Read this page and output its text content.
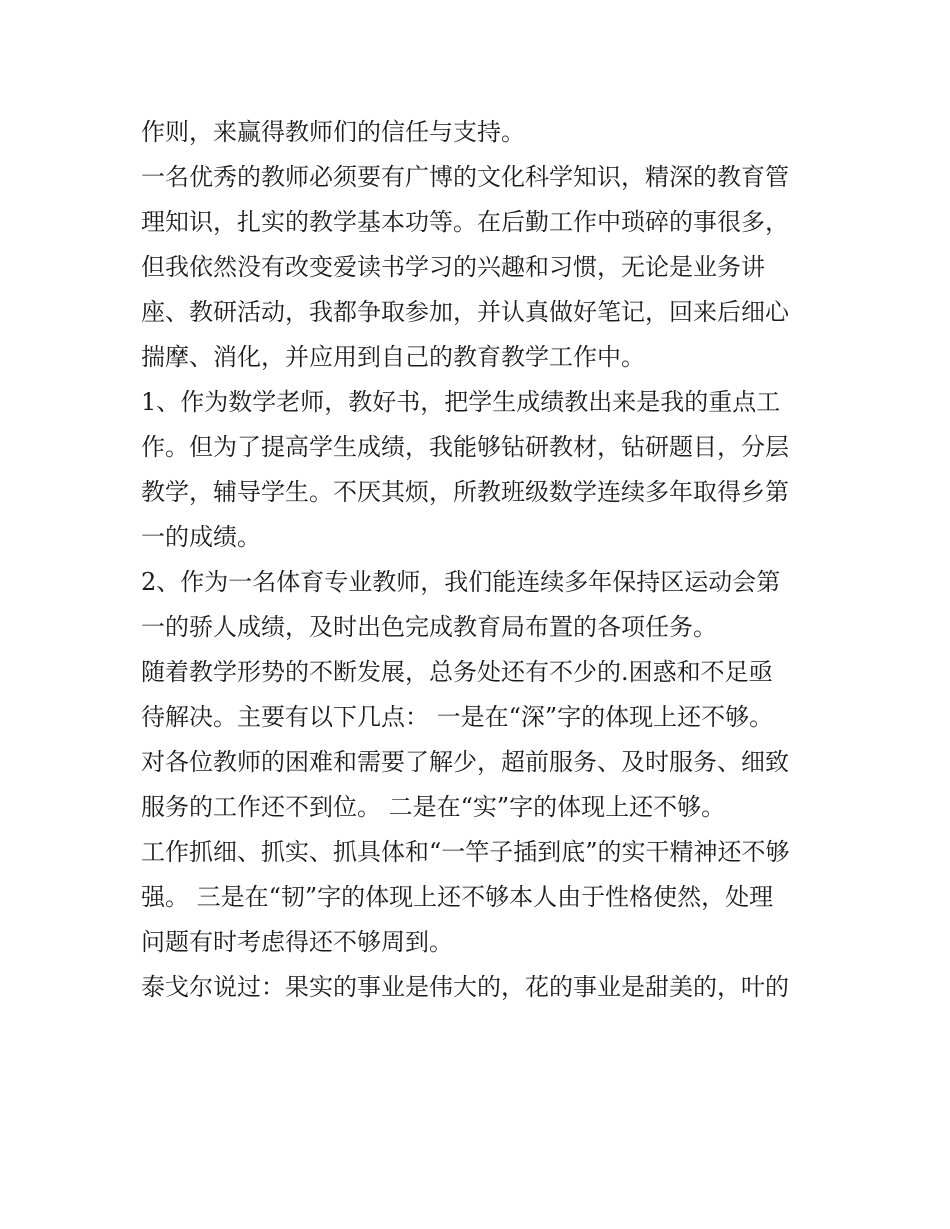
作则，来赢得教师们的信任与支持。
一名优秀的教师必须要有广博的文化科学知识，精深的教育管
理知识，扎实的教学基本功等。在后勤工作中琐碎的事很多，
但我依然没有改变爱读书学习的兴趣和习惯，无论是业务讲
座、教研活动，我都争取参加，并认真做好笔记，回来后细心
揣摩、消化，并应用到自己的教育教学工作中。
1、作为数学老师，教好书，把学生成绩教出来是我的重点工
作。但为了提高学生成绩，我能够钻研教材，钻研题目，分层
教学，辅导学生。不厌其烦，所教班级数学连续多年取得乡第
一的成绩。
2、作为一名体育专业教师，我们能连续多年保持区运动会第
一的骄人成绩，及时出色完成教育局布置的各项任务。
随着教学形势的不断发展，总务处还有不少的.困惑和不足亟
待解决。主要有以下几点： 一是在“深”字的体现上还不够。
对各位教师的困难和需要了解少，超前服务、及时服务、细致
服务的工作还不到位。 二是在“实”字的体现上还不够。
工作抓细、抓实、抓具体和“一竿子插到底”的实干精神还不够
强。 三是在“韧”字的体现上还不够本人由于性格使然，处理
问题有时考虑得还不够周到。
泰戈尔说过：果实的事业是伟大的，花的事业是甜美的，叶的
